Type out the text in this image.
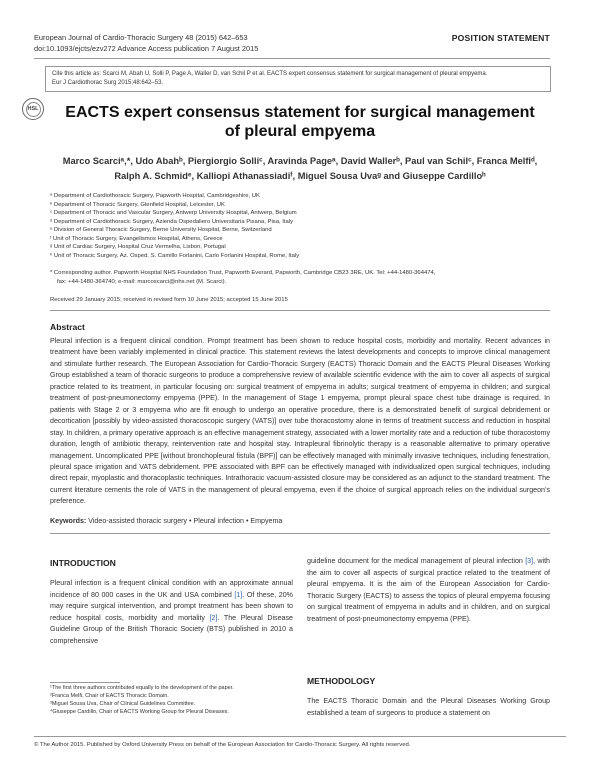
European Journal of Cardio-Thoracic Surgery 48 (2015) 642–653
doi:10.1093/ejcts/ezv272 Advance Access publication 7 August 2015
POSITION STATEMENT
Cite this article as: Scarci M, Abah U, Solli P, Page A, Waller D, van Schil P et al. EACTS expert consensus statement for surgical management of pleural empyema.
Eur J Cardiothorac Surg 2015;48:642–53.
HSL	EACTS expert consensus statement for surgical management
of pleural empyema
Marco Scarciᵃ,*, Udo Abahᵇ, Piergiorgio Solliᶜ, Aravinda Pageᵃ, David Wallerᵇ, Paul van Schilᶜ, Franca Melfiᵈ,
Ralph A. Schmidᵉ, Kalliopi Athanassiadiᶠ, Miguel Sousa Uvaᵍ and Giuseppe Cardilloʰ
ᵃ Department of Cardiothoracic Surgery, Papworth Hospital, Cambridgeshire, UK
ᵇ Department of Thoracic Surgery, Glenfield Hospital, Leicester, UK
ᶜ Department of Thoracic and Vascular Surgery, Antwerp University Hospital, Antwerp, Belgium
ᵈ Department of Cardiothoracic Surgery, Azienda Ospedaliero Universitaria Pisana, Pisa, Italy
ᵉ Division of General Thoracic Surgery, Berne University Hospital, Berne, Switzerland
ᶠ Unit of Thoracic Surgery, Evangelismos Hospital, Athens, Greece
ᵍ Unit of Cardiac Surgery, Hospital Cruz Vermelha, Lisbon, Portugal
ʰ Unit of Thoracic Surgery, Az. Osped. S. Camillo Forlanini, Carlo Forlanini Hospital, Rome, Italy
* Corresponding author. Papworth Hospital NHS Foundation Trust, Papworth Everard, Papworth, Cambridge CB23 3RE, UK. Tel: +44-1480-364474,
fax: +44-1480-364740; e-mail: marcoscarci@nhs.net (M. Scarci).
Received 29 January 2015; received in revised form 10 June 2015; accepted 15 June 2015
Abstract
Pleural infection is a frequent clinical condition. Prompt treatment has been shown to reduce hospital costs, morbidity and mortality. Recent advances in treatment have been variably implemented in clinical practice. This statement reviews the latest developments and concepts to improve clinical management and stimulate further research. The European Association for Cardio-Thoracic Surgery (EACTS) Thoracic Domain and the EACTS Pleural Diseases Working Group established a team of thoracic surgeons to produce a comprehensive review of available scientific evidence with the aim to cover all aspects of surgical practice related to its treatment, in particular focusing on: surgical treatment of empyema in adults; surgical treatment of empyema in children; and surgical treatment of post-pneumonectomy empyema (PPE). In the management of Stage 1 empyema, prompt pleural space chest tube drainage is required. In patients with Stage 2 or 3 empyema who are fit enough to undergo an operative procedure, there is a demonstrated benefit of surgical debridement or decortication [possibly by video-assisted thoracoscopic surgery (VATS)] over tube thoracostomy alone in terms of treatment success and reduction in hospital stay. In children, a primary operative approach is an effective management strategy, associated with a lower mortality rate and a reduction of tube thoracostomy duration, length of antibiotic therapy, reintervention rate and hospital stay. Intrapleural fibrinolytic therapy is a reasonable alternative to primary operative management. Uncomplicated PPE [without bronchopleural fistula (BPF)] can be effectively managed with minimally invasive techniques, including fenestration, pleural space irrigation and VATS debridement. PPE associated with BPF can be effectively managed with individualized open surgical techniques, including direct repair, myoplastic and thoracoplastic techniques. Intrathoracic vacuum-assisted closure may be considered as an adjunct to the standard treatment. The current literature cements the role of VATS in the management of pleural empyema, even if the choice of surgical approach relies on the individual surgeon’s preference.
Keywords: Video-assisted thoracic surgery • Pleural infection • Empyema
INTRODUCTION
Pleural infection is a frequent clinical condition with an approximate annual incidence of 80 000 cases in the UK and USA combined [1]. Of these, 20% may require surgical intervention, and prompt treatment has been shown to reduce hospital costs, morbidity and mortality [2]. The Pleural Disease Guideline Group of the British Thoracic Society (BTS) published in 2010 a comprehensive
guideline document for the medical management of pleural infection [3], with the aim to cover all aspects of surgical practice related to the treatment of pleural empyema. It is the aim of the European Association for Cardio-Thoracic Surgery (EACTS) to assess the topics of pleural empyema focusing on surgical treatment of empyema in adults and in children, and on surgical treatment of post-pneumonectomy empyema (PPE).
METHODOLOGY
The EACTS Thoracic Domain and the Pleural Diseases Working Group established a team of surgeons to produce a statement on
¹The first three authors contributed equally to the development of the paper.
²Franca Melfi, Chair of EACTS Thoracic Domain.
³Miguel Sousa Uva, Chair of Clinical Guidelines Committee.
⁴Giuseppe Cardillo, Chair of EACTS Working Group for Pleural Diseases.
© The Author 2015. Published by Oxford University Press on behalf of the European Association for Cardio-Thoracic Surgery. All rights reserved.
